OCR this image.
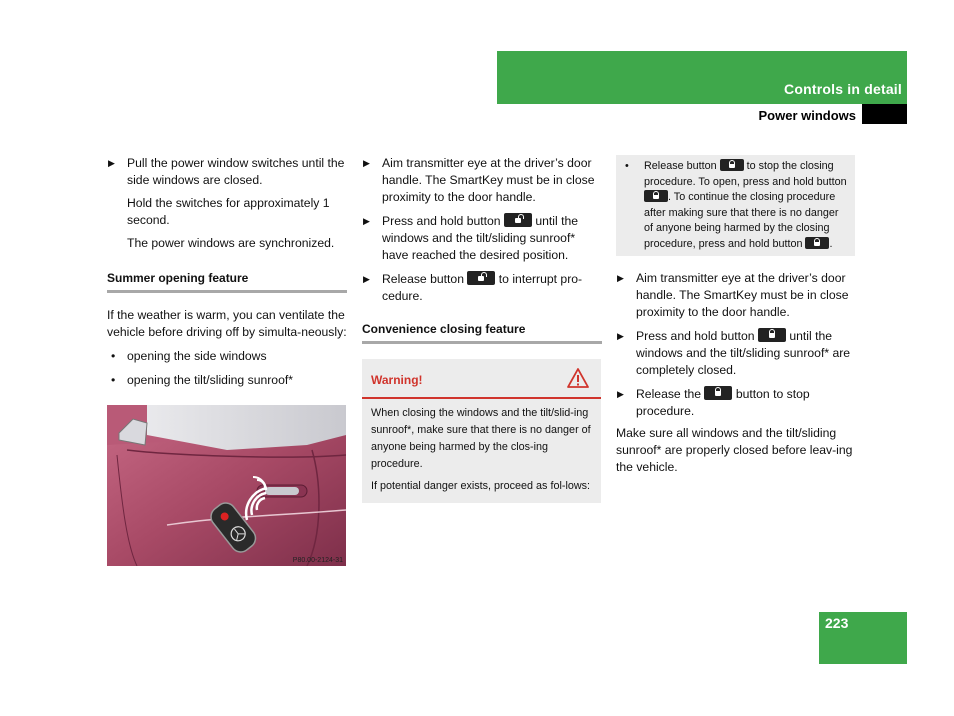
Controls in detail
Power windows

▶ Pull the power window switches until the side windows are closed.

Hold the switches for approximately 1 second.

The power windows are synchronized.

Summer opening feature

If the weather is warm, you can ventilate the vehicle before driving off by simulta-neously:

• opening the side windows

• opening the tilt/sliding sunroof*

P80.00-2124-31

▶ Aim transmitter eye at the driver’s door handle. The SmartKey must be in close proximity to the door handle.

▶ Press and hold button	until the windows and the tilt/sliding sunroof* have reached the desired position.

▶ Release button	to interrupt pro-cedure.

Convenience closing feature

Warning!

When closing the windows and the tilt/slid-ing sunroof*, make sure that there is no danger of anyone being harmed by the clos-ing procedure.

If potential danger exists, proceed as fol-lows:

• Release button	to stop the closing procedure. To open, press and hold button . To continue the closing procedure after making sure that there is no danger of anyone being harmed by the closing procedure, press and hold button	.

▶ Aim transmitter eye at the driver’s door handle. The SmartKey must be in close proximity to the door handle.

▶ Press and hold button	until the windows and the tilt/sliding sunroof* are completely closed.

▶ Release the	button to stop procedure.

Make sure all windows and the tilt/sliding sunroof* are properly closed before leav-ing the vehicle.

223
